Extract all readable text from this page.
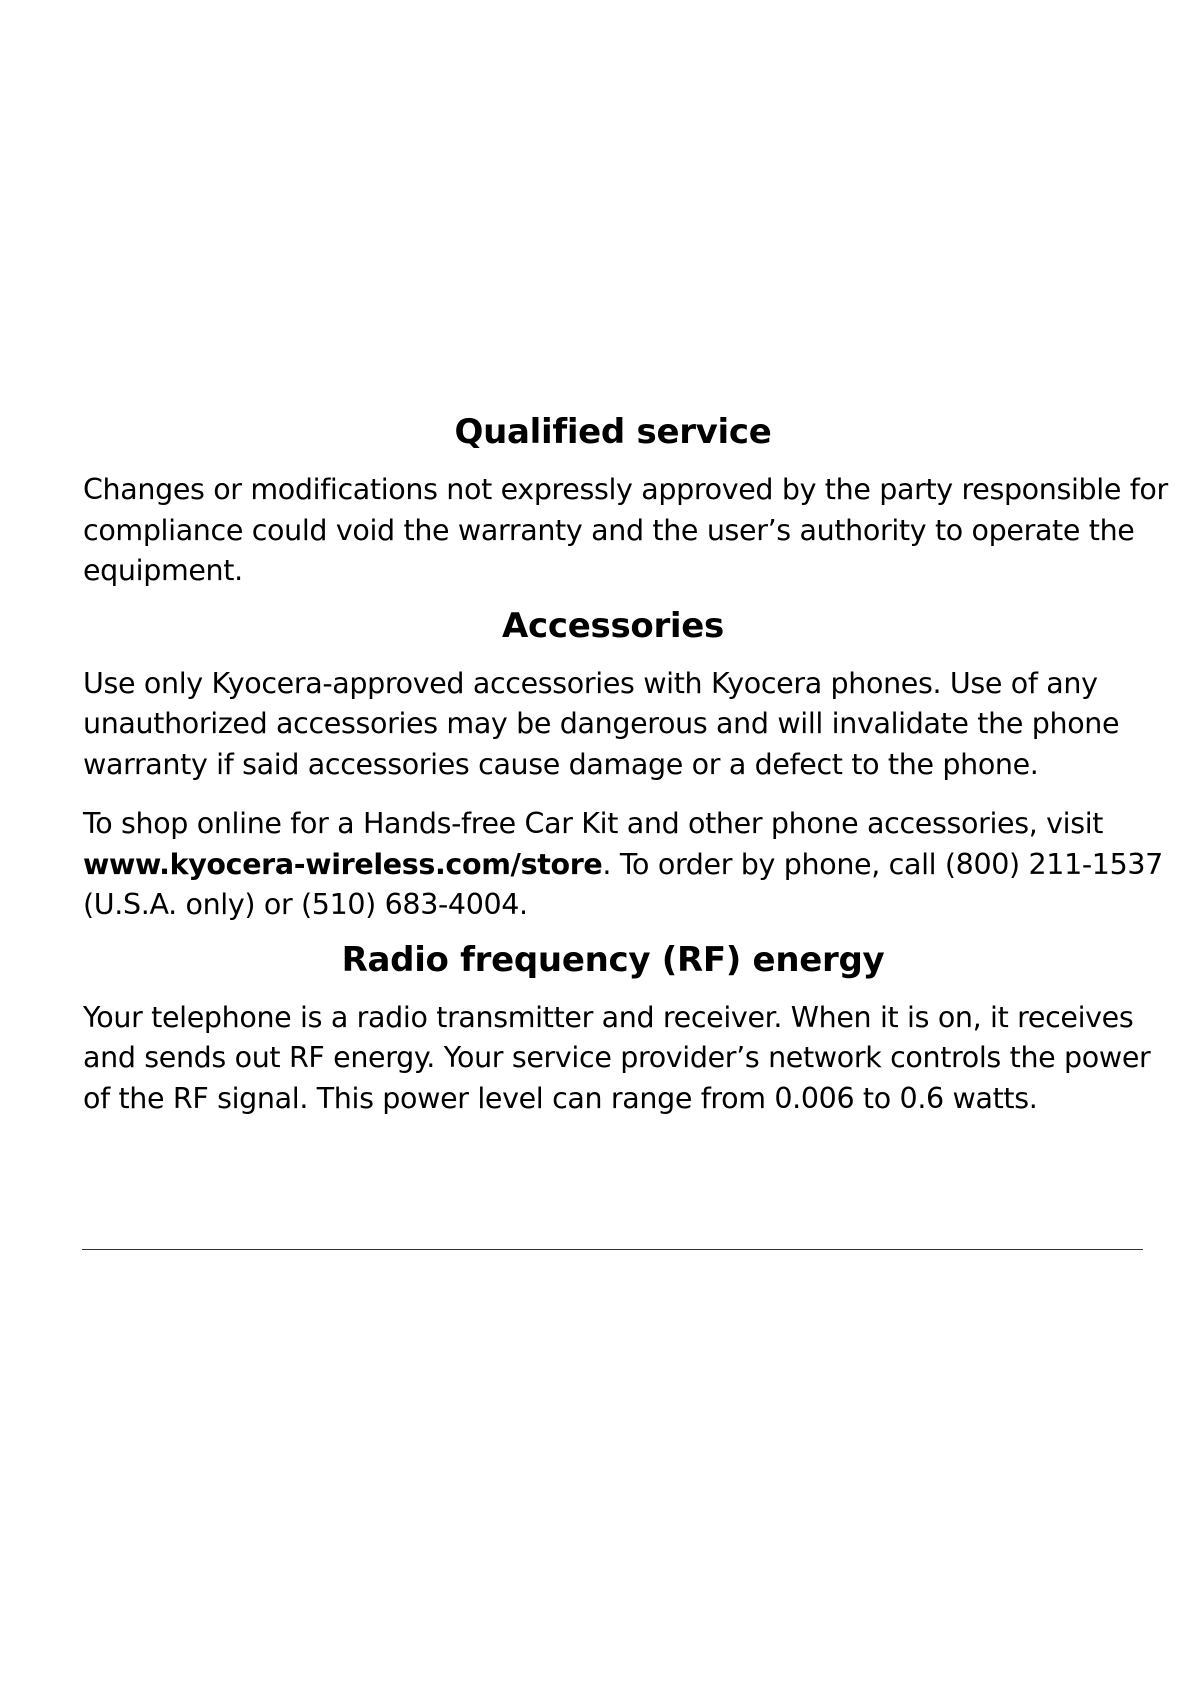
Qualified service

Changes or modifications not expressly approved by the party responsible for
compliance could void the warranty and the user’s authority to operate the
equipment.

Accessories

Use only Kyocera-approved accessories with Kyocera phones. Use of any
unauthorized accessories may be dangerous and will invalidate the phone
warranty if said accessories cause damage or a defect to the phone.

To shop online for a Hands-free Car Kit and other phone accessories, visit
www.kyocera-wireless.com/store. To order by phone, call (800) 211-1537
(U.S.A. only) or (510) 683-4004.

Radio frequency (RF) energy

Your telephone is a radio transmitter and receiver. When it is on, it receives
and sends out RF energy. Your service provider’s network controls the power
of the RF signal. This power level can range from 0.006 to 0.6 watts.
